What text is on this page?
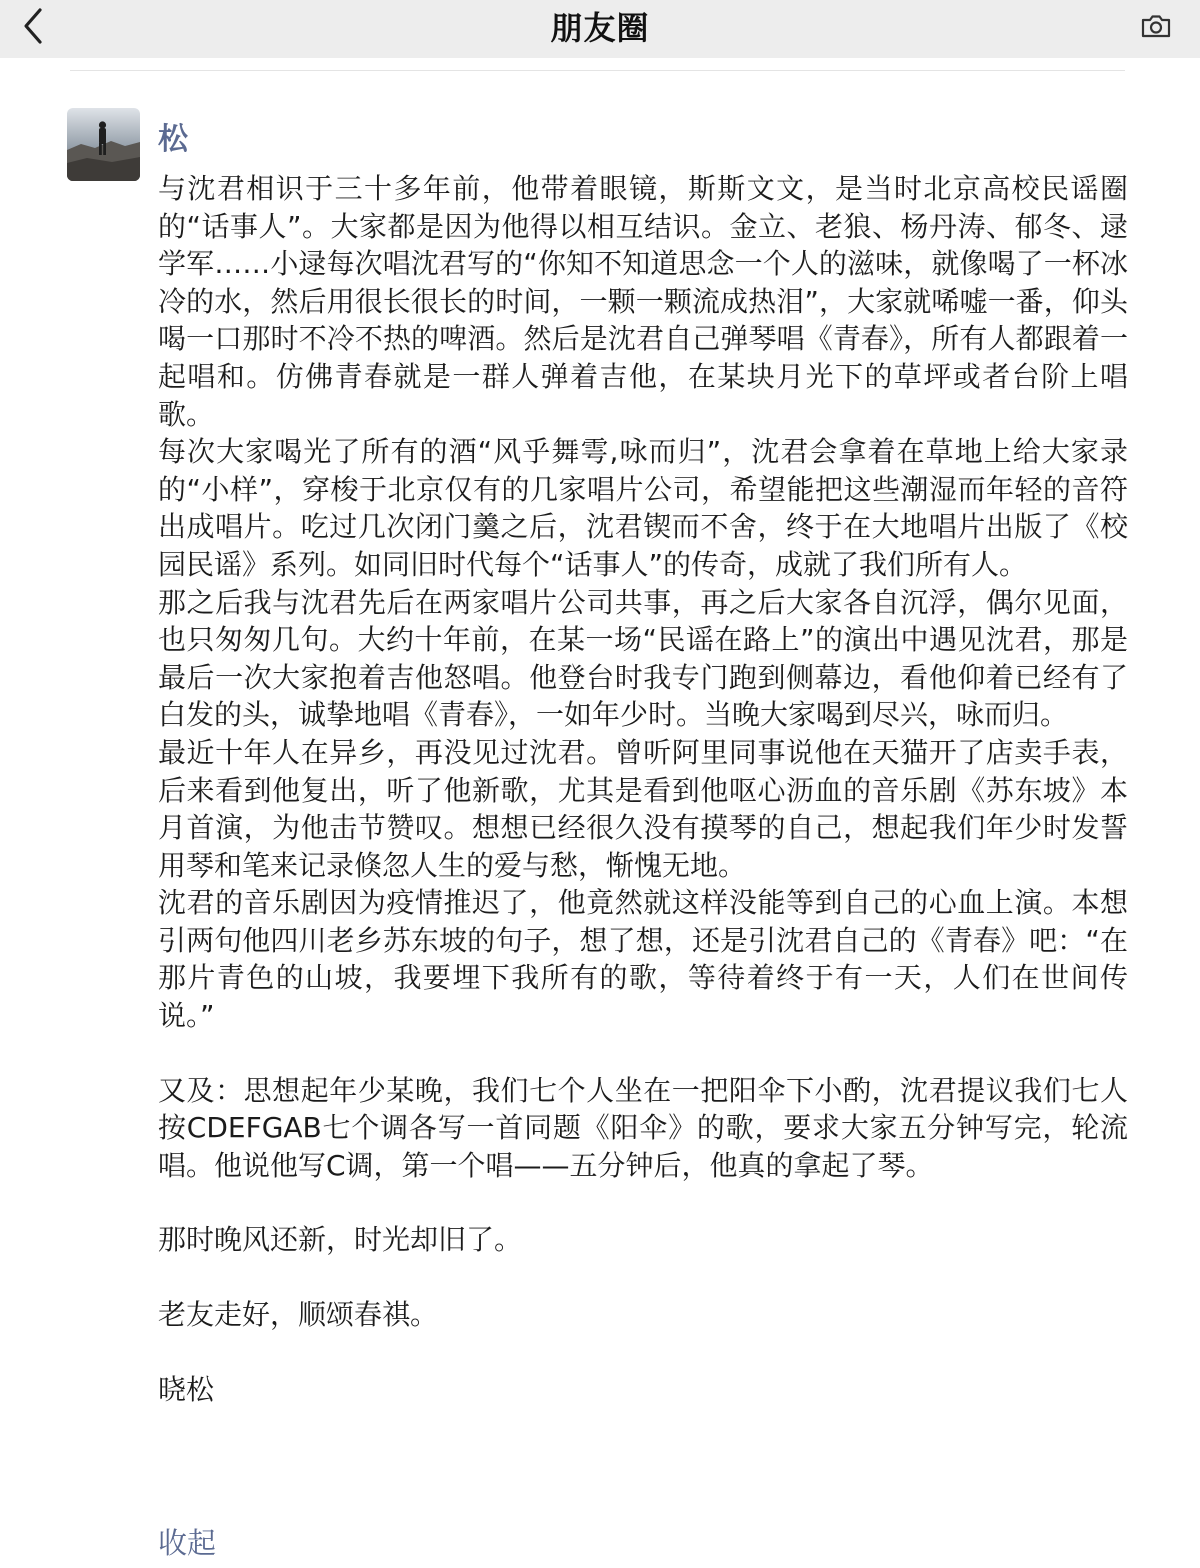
朋友圈
松

与沈君相识于三十多年前，他带着眼镜，斯斯文文，是当时北京高校民谣圈的“话事人”。大家都是因为他得以相互结识。金立、老狼、杨丹涛、郁冬、逯学军……小逯每次唱沈君写的“你知不知道思念一个人的滋味，就像喝了一杯冰冷的水，然后用很长很长的时间，一颗一颗流成热泪”，大家就唏嘘一番，仰头喝一口那时不冷不热的啤酒。然后是沈君自己弹琴唱《青春》，所有人都跟着一起唱和。仿佛青春就是一群人弹着吉他，在某块月光下的草坪或者台阶上唱歌。

每次大家喝光了所有的酒“风乎舞雩,咏而归”，沈君会拿着在草地上给大家录的“小样”，穿梭于北京仅有的几家唱片公司，希望能把这些潮湿而年轻的音符出成唱片。吃过几次闭门羹之后，沈君锲而不舍，终于在大地唱片出版了《校园民谣》系列。如同旧时代每个“话事人”的传奇，成就了我们所有人。

那之后我与沈君先后在两家唱片公司共事，再之后大家各自沉浮，偶尔见面，也只匆匆几句。大约十年前，在某一场“民谣在路上”的演出中遇见沈君，那是最后一次大家抱着吉他怒唱。他登台时我专门跑到侧幕边，看他仰着已经有了白发的头，诚挚地唱《青春》，一如年少时。当晚大家喝到尽兴，咏而归。

最近十年人在异乡，再没见过沈君。曾听阿里同事说他在天猫开了店卖手表，后来看到他复出，听了他新歌，尤其是看到他呕心沥血的音乐剧《苏东坡》本月首演，为他击节赞叹。想想已经很久没有摸琴的自己，想起我们年少时发誓用琴和笔来记录倏忽人生的爱与愁，惭愧无地。

沈君的音乐剧因为疫情推迟了，他竟然就这样没能等到自己的心血上演。本想引两句他四川老乡苏东坡的句子，想了想，还是引沈君自己的《青春》吧：“在那片青色的山坡，我要埋下我所有的歌，等待着终于有一天，人们在世间传说。”

又及：思想起年少某晚，我们七个人坐在一把阳伞下小酌，沈君提议我们七人按CDEFGAB七个调各写一首同题《阳伞》的歌，要求大家五分钟写完，轮流唱。他说他写C调，第一个唱——五分钟后，他真的拿起了琴。

那时晚风还新，时光却旧了。

老友走好，顺颂春祺。

晓松

收起
